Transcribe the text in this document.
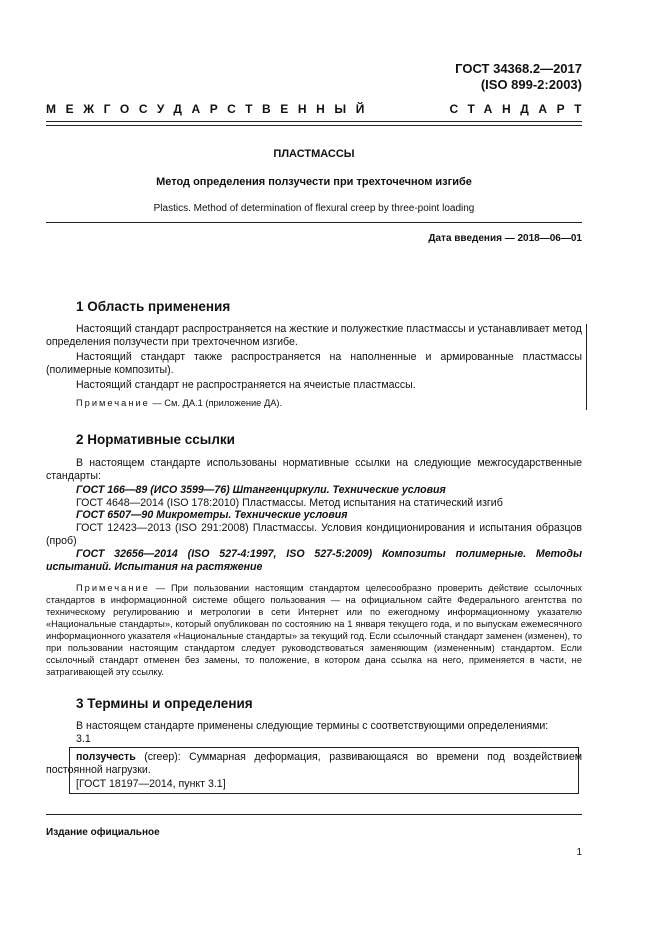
ГОСТ 34368.2—2017
(ISO 899-2:2003)
МЕЖГОСУДАРСТВЕННЫЙ	СТАНДАРТ
ПЛАСТМАССЫ
Метод определения ползучести при трехточечном изгибе
Plastics. Method of determination of flexural creep by three-point loading
Дата введения — 2018—06—01
1 Область применения
Настоящий стандарт распространяется на жесткие и полужесткие пластмассы и устанавливает метод определения ползучести при трехточечном изгибе.
Настоящий стандарт также распространяется на наполненные и армированные пластмассы (полимерные композиты).
Настоящий стандарт не распространяется на ячеистые пластмассы.
Примечание — См. ДА.1 (приложение ДА).
2 Нормативные ссылки
В настоящем стандарте использованы нормативные ссылки на следующие межгосударственные стандарты:
ГОСТ 166—89 (ИСО 3599—76) Штангенциркули. Технические условия
ГОСТ 4648—2014 (ISO 178:2010) Пластмассы. Метод испытания на статический изгиб
ГОСТ 6507—90 Микрометры. Технические условия
ГОСТ 12423—2013 (ISO 291:2008) Пластмассы. Условия кондиционирования и испытания образцов (проб)
ГОСТ 32656—2014 (ISO 527-4:1997, ISO 527-5:2009) Композиты полимерные. Методы испытаний. Испытания на растяжение
Примечание — При пользовании настоящим стандартом целесообразно проверить действие ссылочных стандартов в информационной системе общего пользования — на официальном сайте Федерального агентства по техническому регулированию и метрологии в сети Интернет или по ежегодному информационному указателю «Национальные стандарты», который опубликован по состоянию на 1 января текущего года, и по выпускам ежемесячного информационного указателя «Национальные стандарты» за текущий год. Если ссылочный стандарт заменен (изменен), то при пользовании настоящим стандартом следует руководствоваться заменяющим (измененным) стандартом. Если ссылочный стандарт отменен без замены, то положение, в котором дана ссылка на него, применяется в части, не затрагивающей эту ссылку.
3 Термины и определения
В настоящем стандарте применены следующие термины с соответствующими определениями:
3.1
ползучесть (creep): Суммарная деформация, развивающаяся во времени под воздействием постоянной нагрузки.
[ГОСТ 18197—2014, пункт 3.1]
Издание официальное
1
